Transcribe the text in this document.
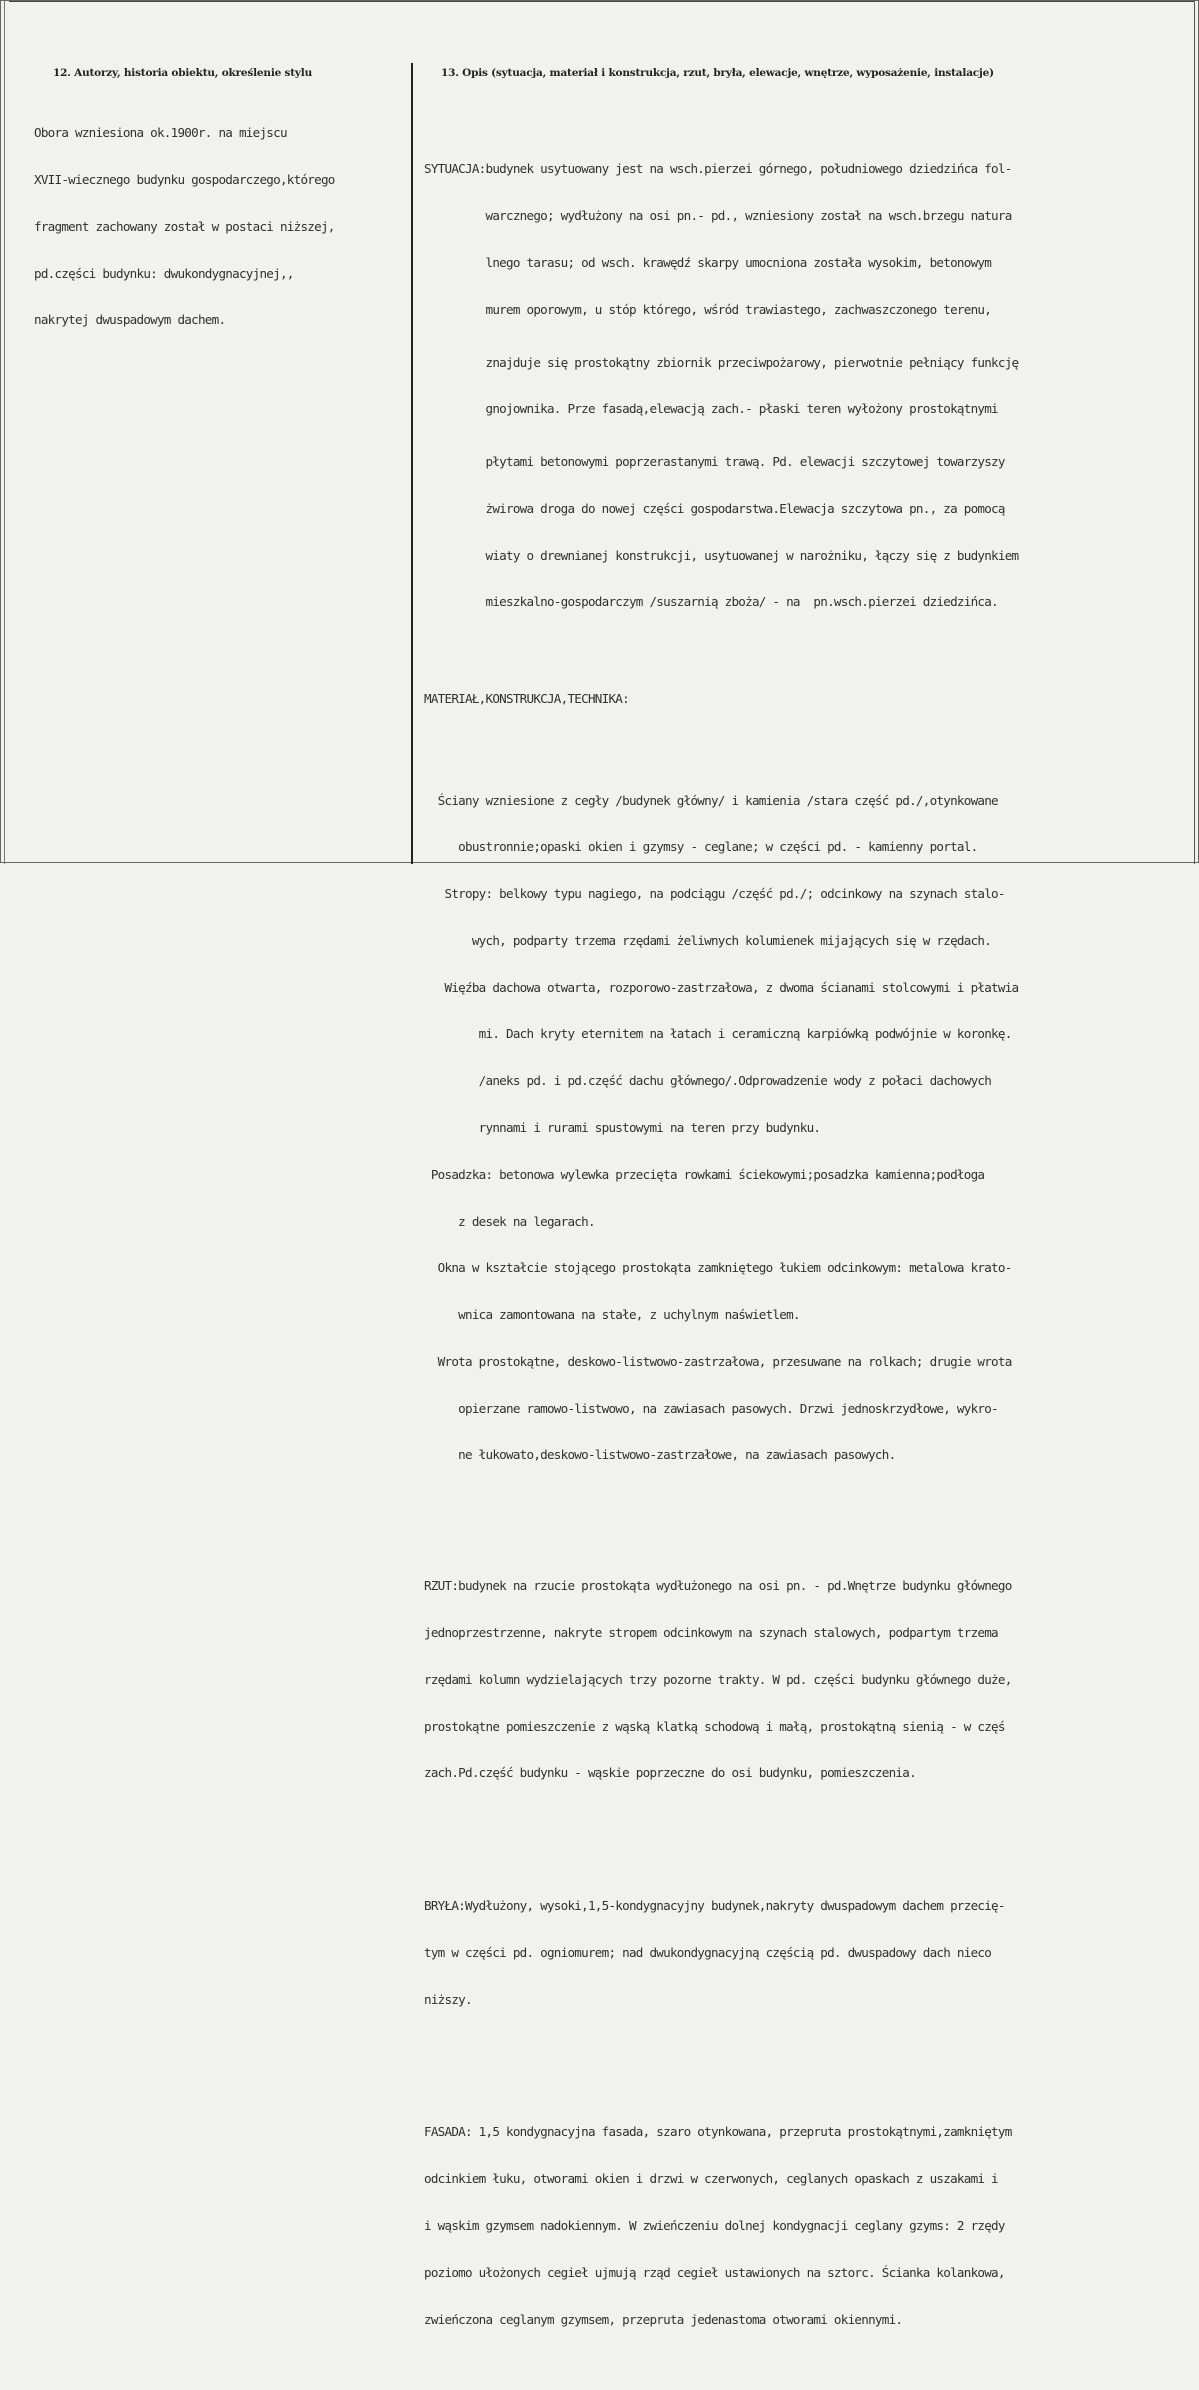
12. Autorzy, historia obiektu, określenie stylu	13. Opis (sytuacja, materiał i konstrukcja, rzut, bryła, elewacje, wnętrze, wyposażenie, instalacje)

Obora wzniesiona ok.1900r. na miejscu

XVII-wiecznego budynku gospodarczego,którego

fragment zachowany został w postaci niższej,

pd.części budynku: dwukondygnacyjnej,,

nakrytej dwuspadowym dachem.

SYTUACJA:budynek usytuowany jest na wsch.pierzei górnego, południowego dziedzińca fol-

warcznego; wydłużony na osi pn.- pd., wzniesiony został na wsch.brzegu natura

lnego tarasu; od wsch. krawędź skarpy umocniona została wysokim, betonowym

murem oporowym, u stóp którego, wśród trawiastego, zachwaszczonego terenu,

znajduje się prostokątny zbiornik przeciwpożarowy, pierwotnie pełniący funkcję

gnojownika. Prze fasadą,elewacją zach.- płaski teren wyłożony prostokątnymi

płytami betonowymi poprzerastanymi trawą. Pd. elewacji szczytowej towarzyszy

żwirowa droga do nowej części gospodarstwa.Elewacja szczytowa pn., za pomocą

wiaty o drewnianej konstrukcji, usytuowanej w narożniku, łączy się z budynkiem

mieszkalno-gospodarczym /suszarnią zboża/ - na  pn.wsch.pierzei dziedzińca.

MATERIAŁ,KONSTRUKCJA,TECHNIKA:

Ściany wzniesione z cegły /budynek główny/ i kamienia /stara część pd./,otynkowane

obustronnie;opaski okien i gzymsy - ceglane; w części pd. - kamienny portal.

Stropy: belkowy typu nagiego, na podciągu /część pd./; odcinkowy na szynach stalo-

wych, podparty trzema rzędami żeliwnych kolumienek mijających się w rzędach.

Więźba dachowa otwarta, rozporowo-zastrzałowa, z dwoma ścianami stolcowymi i płatwia

mi. Dach kryty eternitem na łatach i ceramiczną karpiówką podwójnie w koronkę.

/aneks pd. i pd.część dachu głównego/.Odprowadzenie wody z połaci dachowych

rynnami i rurami spustowymi na teren przy budynku.

Posadzka: betonowa wylewka przecięta rowkami ściekowymi;posadzka kamienna;podłoga

z desek na legarach.

Okna w kształcie stojącego prostokąta zamkniętego łukiem odcinkowym: metalowa krato-

wnica zamontowana na stałe, z uchylnym naświetlem.

Wrota prostokątne, deskowo-listwowo-zastrzałowa, przesuwane na rolkach; drugie wrota

opierzane ramowo-listwowo, na zawiasach pasowych. Drzwi jednoskrzydłowe, wykro-

ne łukowato,deskowo-listwowo-zastrzałowe, na zawiasach pasowych.

RZUT:budynek na rzucie prostokąta wydłużonego na osi pn. - pd.Wnętrze budynku głównego

jednoprzestrzenne, nakryte stropem odcinkowym na szynach stalowych, podpartym trzema

rzędami kolumn wydzielających trzy pozorne trakty. W pd. części budynku głównego duże,

prostokątne pomieszczenie z wąską klatką schodową i małą, prostokątną sienią - w częś

zach.Pd.część budynku - wąskie poprzeczne do osi budynku, pomieszczenia.

BRYŁA:Wydłużony, wysoki,1,5-kondygnacyjny budynek,nakryty dwuspadowym dachem przecię-

tym w części pd. ogniomurem; nad dwukondygnacyjną częścią pd. dwuspadowy dach nieco

niższy.

FASADA: 1,5 kondygnacyjna fasada, szaro otynkowana, przepruta prostokątnymi,zamkniętym

odcinkiem łuku, otworami okien i drzwi w czerwonych, ceglanych opaskach z uszakami i

i wąskim gzymsem nadokiennym. W zwieńczeniu dolnej kondygnacji ceglany gzyms: 2 rzędy

poziomo ułożonych cegieł ujmują rząd cegieł ustawionych na sztorc. Ścianka kolankowa,

zwieńczona ceglanym gzymsem, przepruta jedenastoma otworami okiennymi.
